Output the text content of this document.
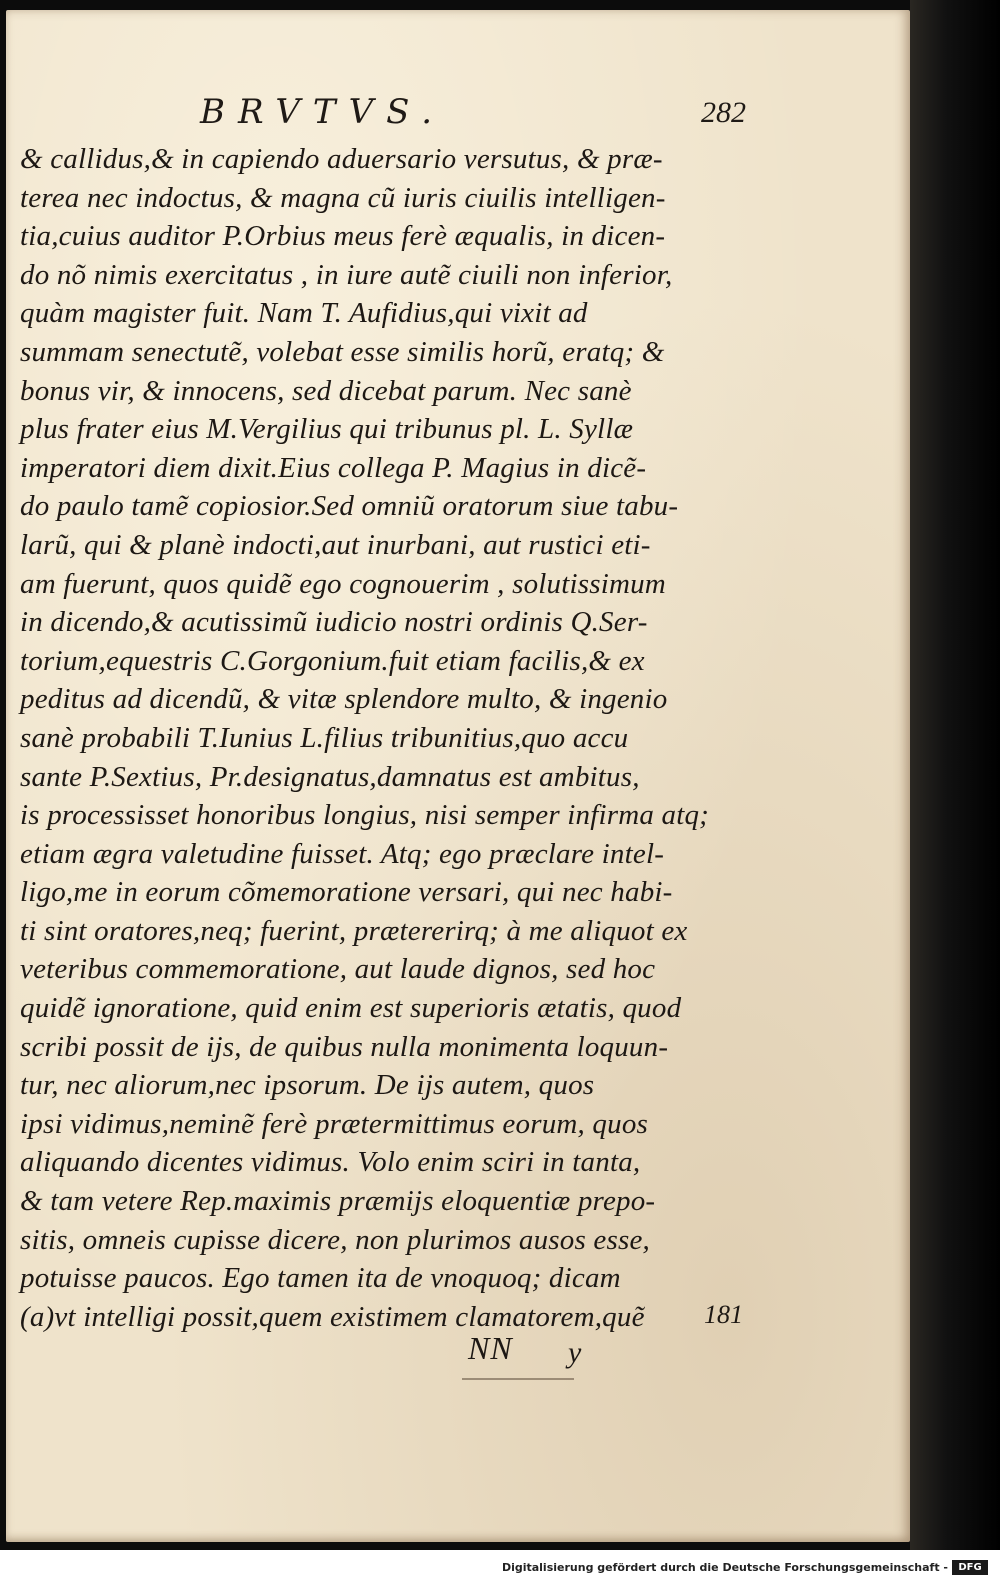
BRVTVS.	282
& callidus,& in capiendo aduersario versutus, & præ-
terea nec indoctus, & magna cũ iuris ciuilis intelligen-
tia,cuius auditor P.Orbius meus ferè æqualis, in dicen-
do nõ nimis exercitatus , in iure autẽ ciuili non inferior,
quàm magister fuit. Nam T. Aufidius,qui vixit ad
summam senectutẽ, volebat esse similis horũ, eratq; &
bonus vir, & innocens, sed dicebat parum. Nec sanè
plus frater eius M.Vergilius qui tribunus pl. L. Syllæ
imperatori diem dixit.Eius collega P. Magius in dicẽ-
do paulo tamẽ copiosior.Sed omniũ oratorum siue tabu-
larũ, qui & planè indocti,aut inurbani, aut rustici eti-
am fuerunt, quos quidẽ ego cognouerim , solutissimum
in dicendo,& acutissimũ iudicio nostri ordinis Q.Ser-
torium,equestris C.Gorgonium.fuit etiam facilis,& ex
peditus ad dicendũ, & vitæ splendore multo, & ingenio
sanè probabili T.Iunius L.filius tribunitius,quo accu
sante P.Sextius, Pr.designatus,damnatus est ambitus,
is processisset honoribus longius, nisi semper infirma atq;
etiam ægra valetudine fuisset. Atq; ego præclare intel-
ligo,me in eorum cõmemoratione versari, qui nec habi-
ti sint oratores,neq; fuerint, prætererirq; à me aliquot ex
veteribus commemoratione, aut laude dignos, sed hoc
quidẽ ignoratione, quid enim est superioris ætatis, quod
scribi possit de ijs, de quibus nulla monimenta loquun-
tur, nec aliorum,nec ipsorum. De ijs autem, quos
ipsi vidimus,neminẽ ferè prætermittimus eorum, quos
aliquando dicentes vidimus. Volo enim sciri in tanta,
& tam vetere Rep.maximis præmijs eloquentiæ prepo-
sitis, omneis cupisse dicere, non plurimos ausos esse,
potuisse paucos. Ego tamen ita de vnoquoq; dicam
(a)vt intelligi possit,quem existimem clamatorem,quẽ	181
NN y
Digitalisierung gefördert durch die Deutsche Forschungsgemeinschaft -	DFG
